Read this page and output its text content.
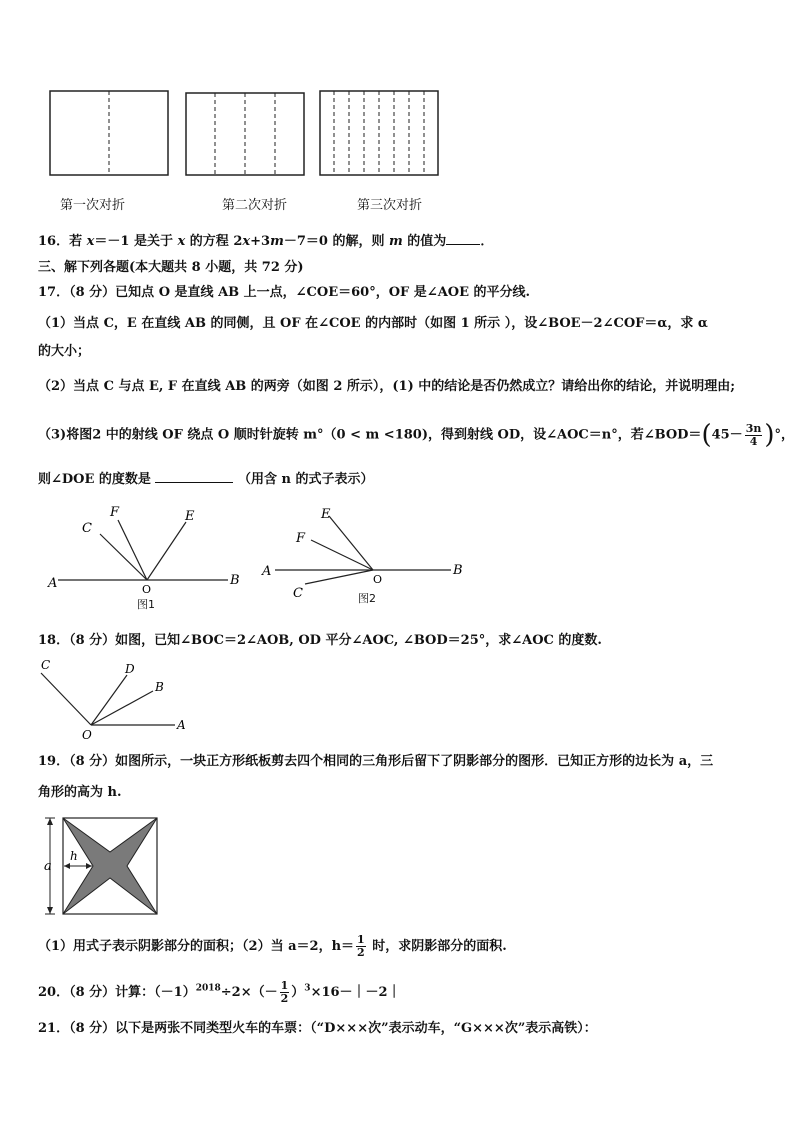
第一次对折	第二次对折	第三次对折
16．若 x＝－1 是关于 x 的方程 2x+3m－7＝0 的解，则 m 的值为	．
三、解下列各题(本大题共 8 小题，共 72 分)
17．（8 分）已知点 O 是直线 AB 上一点，∠COE＝60°，OF 是∠AOE 的平分线.
（1）当点 C，E 在直线 AB 的同侧，且 OF 在∠COE 的内部时（如图 1 所示 ），设∠BOE－2∠COF＝α，求 α
的大小；
（2）当点 C 与点 E, F 在直线 AB 的两旁（如图 2 所示），(1) 中的结论是否仍然成立？请给出你的结论，并说明理由;
（3)将图2 中的射线 OF 绕点 O 顺时针旋转 m°（0 < m <180)，得到射线 OD，设∠AOC＝n°，若∠BOD＝(45－ $\frac{3n}{4}$ )°，
则∠DOE 的度数是	（用含 n 的式子表示）
A	B
C
F	E
O
图1
A	B
E
F
C
O
图2
18．（8 分）如图，已知∠BOC＝2∠AOB, OD 平分∠AOC, ∠BOD＝25°，求∠AOC 的度数.
C	D
B
A
O
19．（8 分）如图所示，一块正方形纸板剪去四个相同的三角形后留下了阴影部分的图形．已知正方形的边长为 a，三
角形的高为 h.
a
h
（1）用式子表示阴影部分的面积；（2）当 a＝2，$h= \frac{1}{2}$ 时，求阴影部分的面积.
20．（8 分）计算：$(-1)^{2018}\div 2\times(- \frac{1}{2}$ ）$^3\times 16-|-2|$
21．（8 分）以下是两张不同类型火车的车票：（“D×××次”表示动车，“G×××次”表示高铁）：
